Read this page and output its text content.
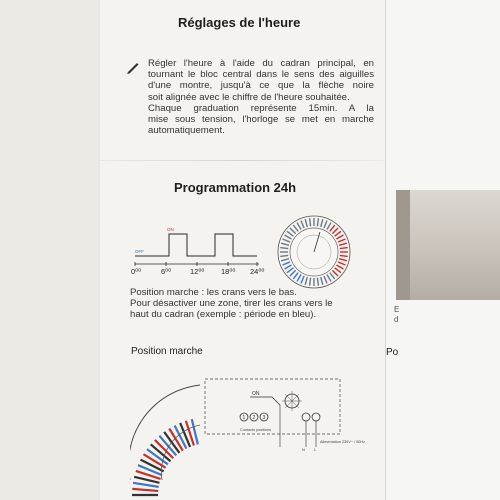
Réglages de l'heure
Régler l'heure à l'aide du cadran principal, en
tournant le bloc central dans le sens des aiguilles
d'une montre, jusqu'à ce que la flèche noire
soit alignée avec le chiffre de l'heure souhaitée.
Chaque graduation représente 15min. A la
mise sous tension, l'horloge se met en marche
automatiquement.
Programmation 24h
ON
OFF
0⁰⁰	6⁰⁰	12⁰⁰ 18⁰⁰ 24⁰⁰
Position marche : les crans vers le bas.
Pour désactiver une zone, tirer les crans vers le
haut du cadran (exemple : période en bleu).
Position marche
ON
1 2 3
Contacts positions
Alimentation 230V~ / 50Hz
N L
E
d
Po
